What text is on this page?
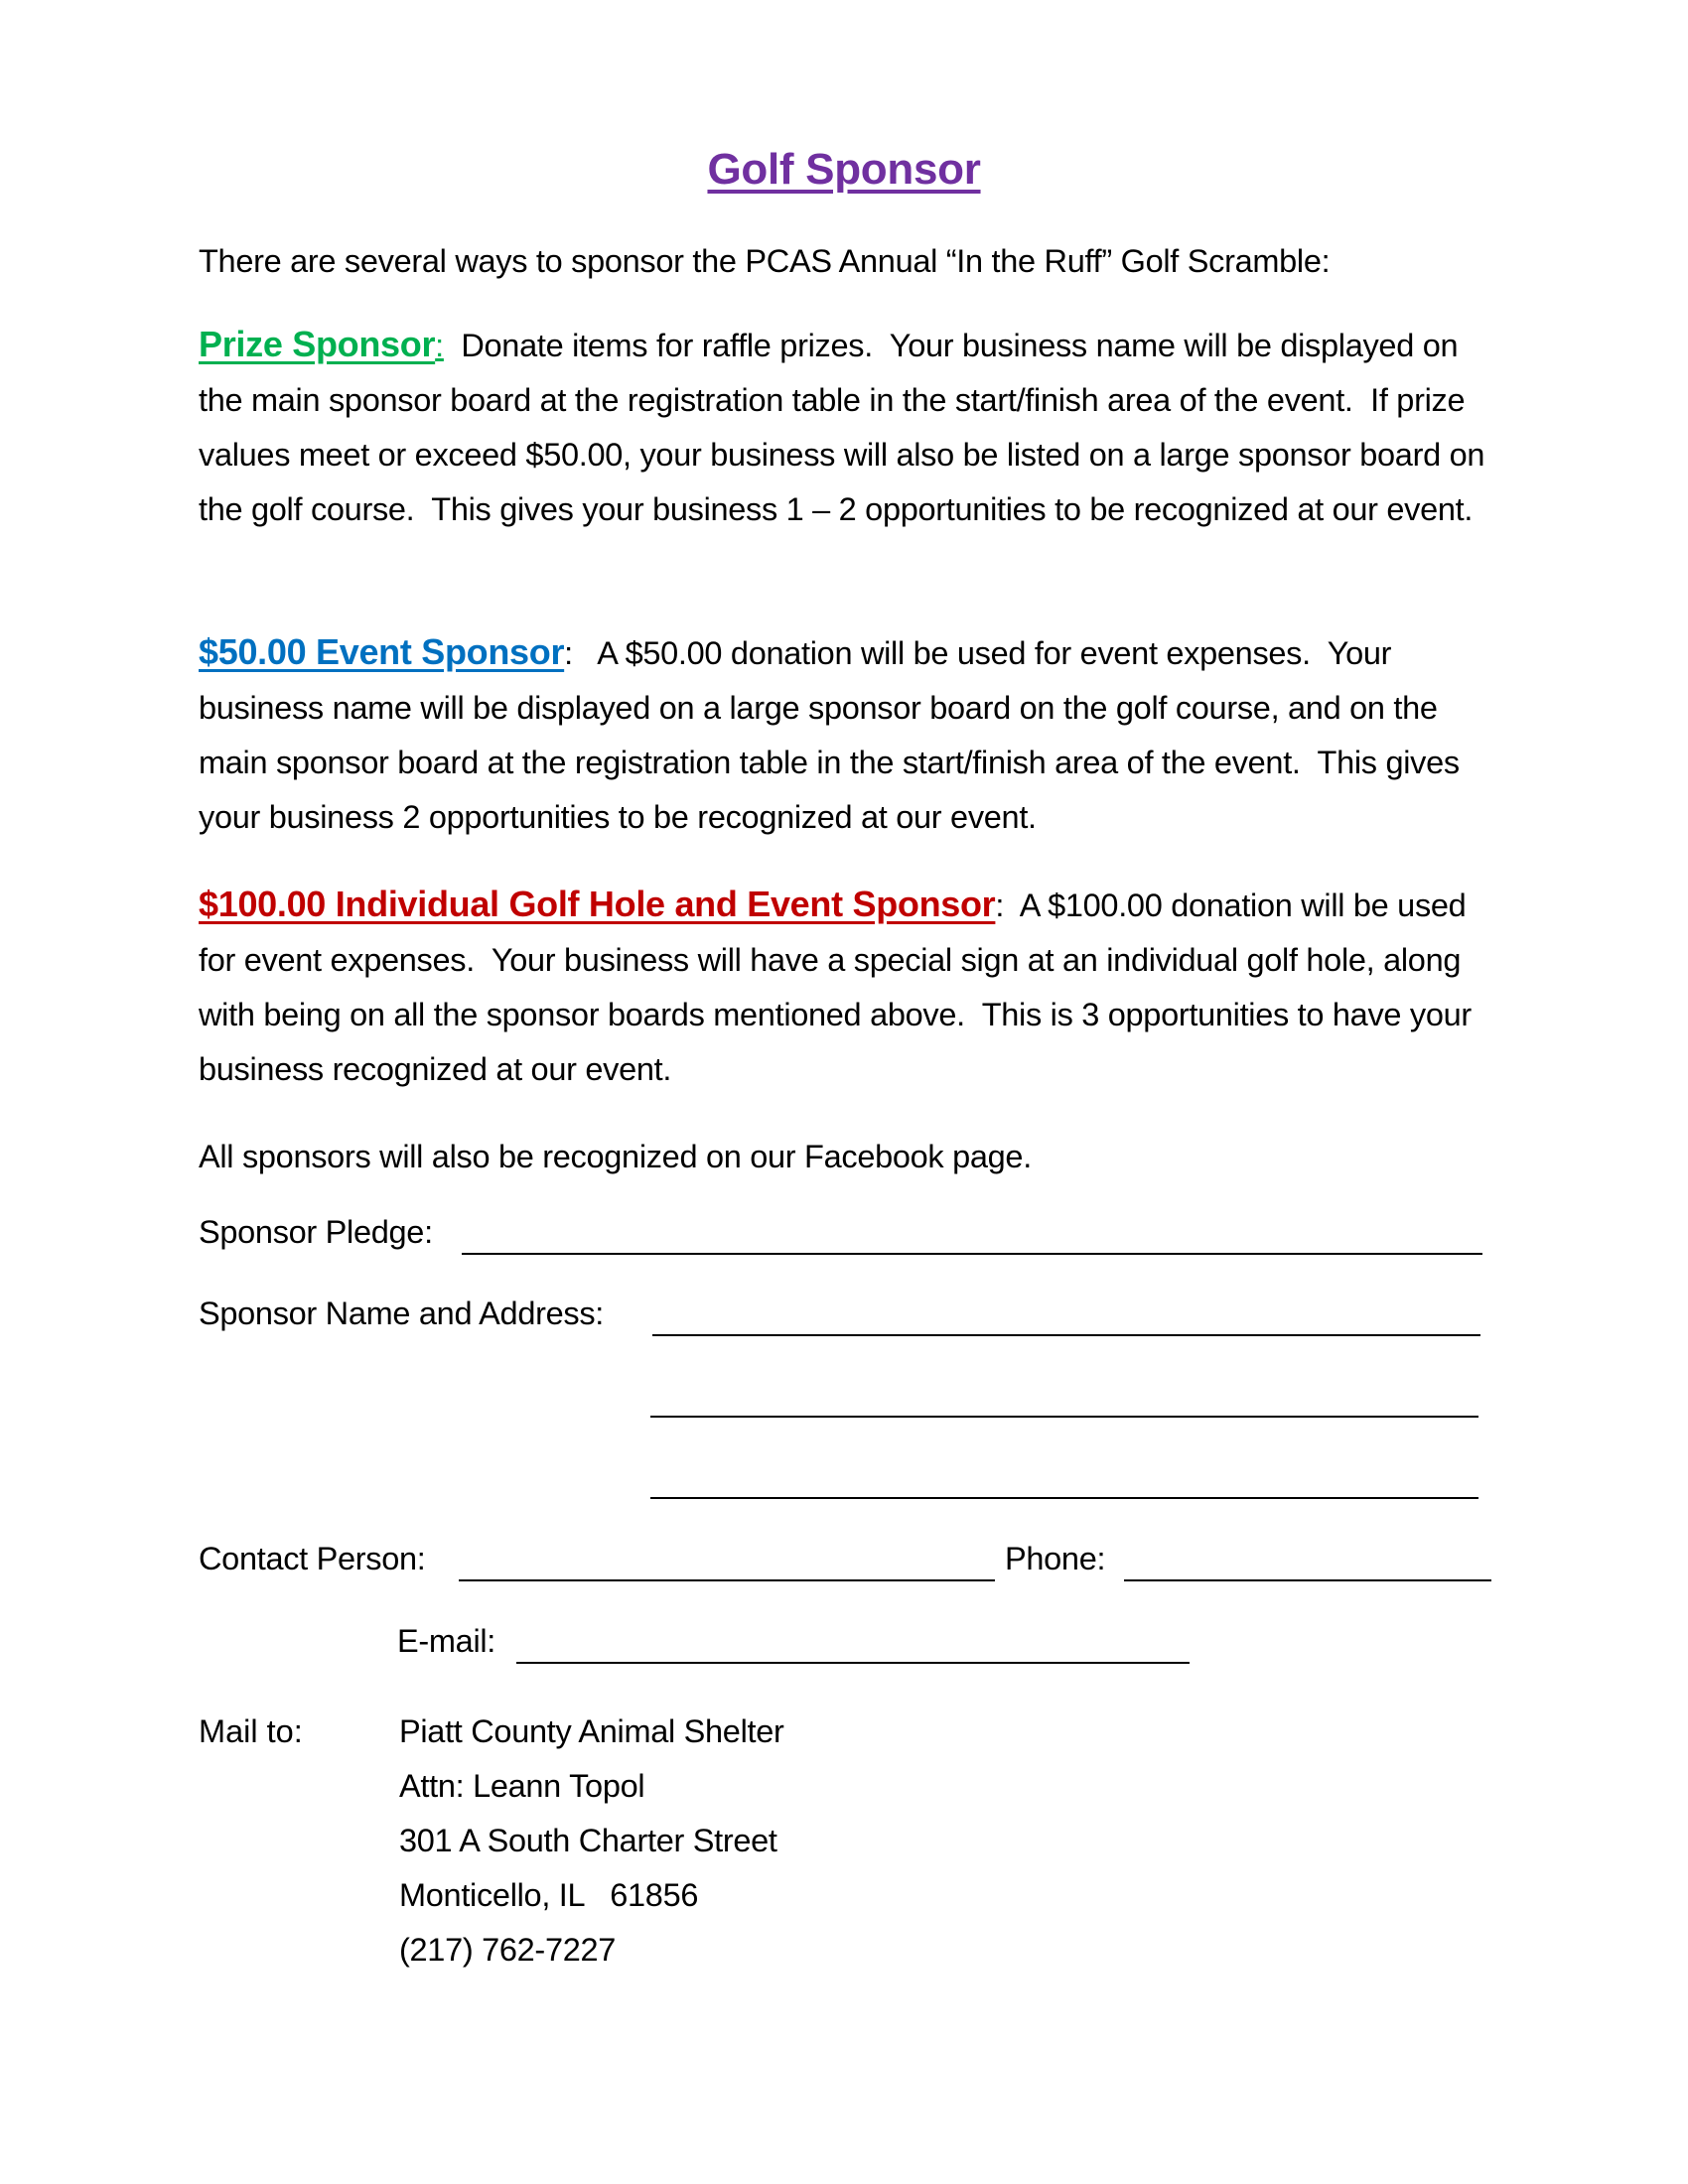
Golf Sponsor
There are several ways to sponsor the PCAS Annual “In the Ruff” Golf Scramble:
Prize Sponsor:  Donate items for raffle prizes.  Your business name will be displayed on the main sponsor board at the registration table in the start/finish area of the event.  If prize values meet or exceed $50.00, your business will also be listed on a large sponsor board on the golf course.  This gives your business 1 – 2 opportunities to be recognized at our event.
$50.00 Event Sponsor:   A $50.00 donation will be used for event expenses.  Your business name will be displayed on a large sponsor board on the golf course, and on the main sponsor board at the registration table in the start/finish area of the event.  This gives your business 2 opportunities to be recognized at our event.
$100.00 Individual Golf Hole and Event Sponsor:  A $100.00 donation will be used for event expenses.  Your business will have a special sign at an individual golf hole, along with being on all the sponsor boards mentioned above.  This is 3 opportunities to have your business recognized at our event.
All sponsors will also be recognized on our Facebook page.
Sponsor Pledge:
Sponsor Name and Address:
Contact Person:	Phone:
E-mail:
Mail to:	Piatt County Animal Shelter
Attn: Leann Topol
301 A South Charter Street
Monticello, IL   61856
(217) 762-7227
